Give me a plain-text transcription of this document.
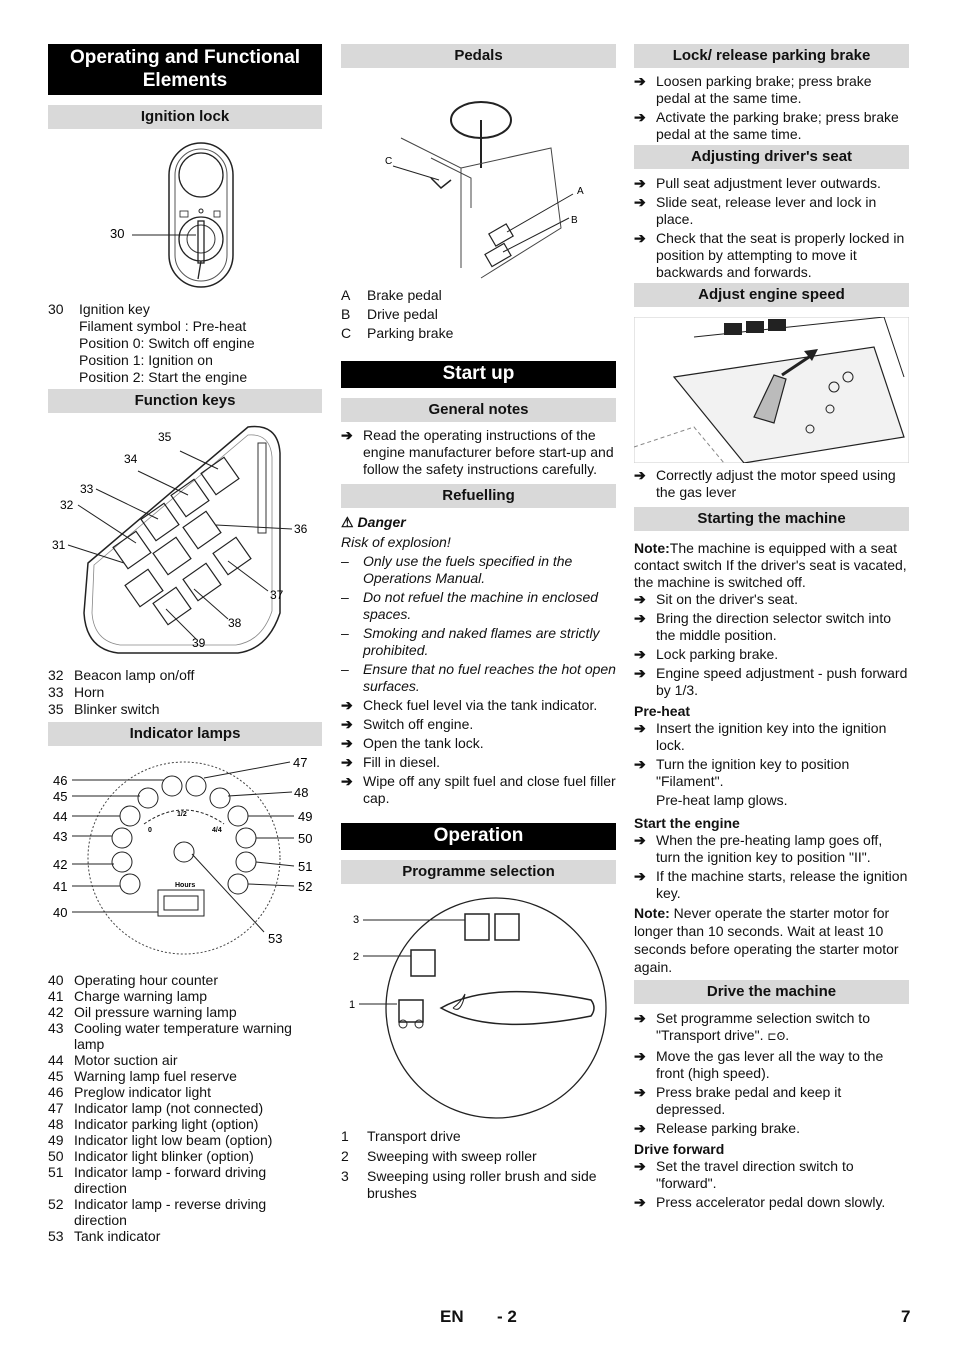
Operating and Functional Elements
Ignition lock
30
30	Ignition key
Filament symbol : Pre-heat
Position 0: Switch off engine
Position 1: Ignition on
Position 2: Start the engine
Function keys
35
34
33
32
36
31
37
38
39
32 Beacon lamp on/off
33 Horn
35 Blinker switch
Indicator lamps
1/2
0	4/4
Hours
46
45
44
43
42
41
40
47
48
49
50
51
52
53
40 Operating hour counter
41 Charge warning lamp
42 Oil pressure warning lamp
43 Cooling water temperature warning lamp
44 Motor suction air
45 Warning lamp fuel reserve
46 Preglow indicator light
47 Indicator lamp (not connected)
48 Indicator parking light (option)
49 Indicator light low beam (option)
50 Indicator light blinker (option)
51 Indicator lamp - forward driving direction
52 Indicator lamp - reverse driving direction
53 Tank indicator
Pedals
C
A
B
A	Brake pedal
B	Drive pedal
C	Parking brake
Start up
General notes
➔ Read the operating instructions of the engine manufacturer before start-up and follow the safety instructions carefully.
Refuelling
⚠ Danger
Risk of explosion!
–	Only use the fuels specified in the Operations Manual.
–	Do not refuel the machine in enclosed spaces.
–	Smoking and naked flames are strictly prohibited.
–	Ensure that no fuel reaches the hot open surfaces.
➔ Check fuel level via the tank indicator.
➔ Switch off engine.
➔ Open the tank lock.
➔ Fill in diesel.
➔ Wipe off any spilt fuel and close fuel filler cap.
Operation
Programme selection
3
2
1
1	Transport drive
2	Sweeping with sweep roller
3	Sweeping using roller brush and side brushes
Lock/ release parking brake
➔ Loosen parking brake; press brake pedal at the same time.
➔ Activate the parking brake; press brake pedal at the same time.
Adjusting driver's seat
➔ Pull seat adjustment lever outwards.
➔ Slide seat, release lever and lock in place.
➔ Check that the seat is properly locked in position by attempting to move it backwards and forwards.
Adjust engine speed
➔ Correctly adjust the motor speed using the gas lever
Starting the machine
Note:The machine is equipped with a seat contact switch If the driver's seat is vacated, the machine is switched off.
➔ Sit on the driver's seat.
➔ Bring the direction selector switch into the middle position.
➔ Lock parking brake.
➔ Engine speed adjustment - push forward by 1/3.
Pre-heat
➔ Insert the ignition key into the ignition lock.
➔ Turn the ignition key to position "Filament".
Pre-heat lamp glows.
Start the engine
➔ When the pre-heating lamp goes off, turn the ignition key to position "II".
➔ If the machine starts, release the ignition key.
Note: Never operate the starter motor for longer than 10 seconds. Wait at least 10 seconds before operating the starter motor again.
Drive the machine
➔ Set programme selection switch to "Transport drive". ⊏Ꙩ.
➔ Move the gas lever all the way to the front (high speed).
➔ Press brake pedal and keep it depressed.
➔ Release parking brake.
Drive forward
➔ Set the travel direction switch to "forward".
➔ Press accelerator pedal down slowly.
EN - 2	7
